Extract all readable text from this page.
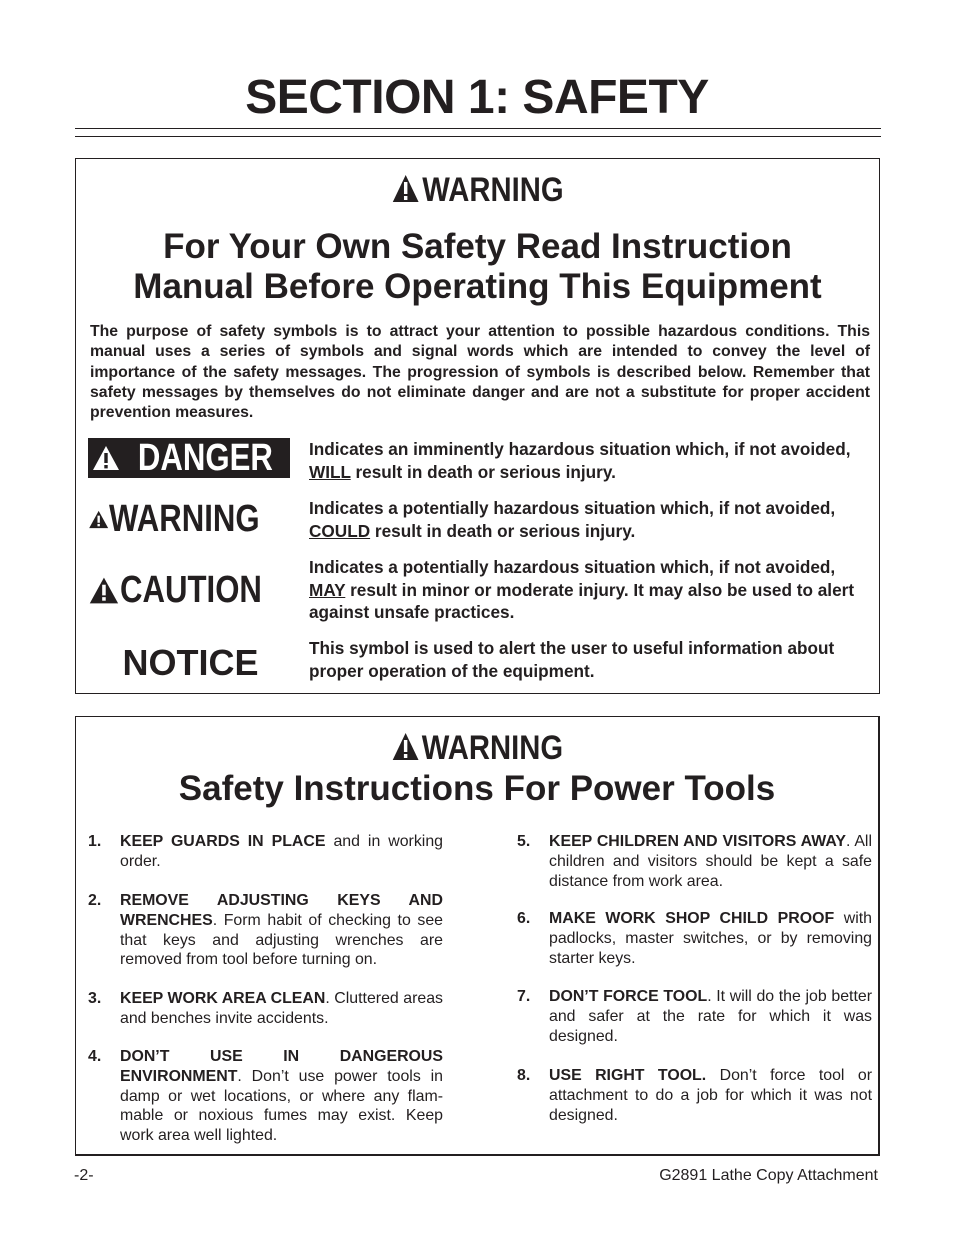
SECTION 1: SAFETY
WARNING
For Your Own Safety Read Instruction
Manual Before Operating This Equipment
The purpose of safety symbols is to attract your attention to possible hazardous conditions. This manual uses a series of symbols and signal words which are intended to convey the level of importance of the safety messages. The progression of symbols is described below. Remember that safety messages by themselves do not eliminate danger and are not a substitute for proper accident prevention measures.
DANGER Indicates an imminently hazardous situation which, if not avoided, WILL result in death or serious injury.
WARNING	Indicates a potentially hazardous situation which, if not avoided, COULD result in death or serious injury.
CAUTION
Indicates a potentially hazardous situation which, if not avoided, MAY result in minor or moderate injury. It may also be used to alert against unsafe practices.
NOTICE	This symbol is used to alert the user to useful information about proper operation of the equipment.
WARNING
Safety Instructions For Power Tools
1. KEEP GUARDS IN PLACE and in working order.
2. REMOVE ADJUSTING KEYS AND WRENCHES. Form habit of checking to see that keys and adjusting wrenches are removed from tool before turning on.
3. KEEP WORK AREA CLEAN. Cluttered areas and benches invite accidents.
4. DON’T USE IN DANGEROUS ENVIRONMENT. Don’t use power tools in damp or wet locations, or where any flam-mable or noxious fumes may exist. Keep work area well lighted.
5. KEEP CHILDREN AND VISITORS AWAY. All children and visitors should be kept a safe distance from work area.
6. MAKE WORK SHOP CHILD PROOF with padlocks, master switches, or by removing starter keys.
7. DON’T FORCE TOOL. It will do the job better and safer at the rate for which it was designed.
8. USE RIGHT TOOL. Don’t force tool or attachment to do a job for which it was not designed.
-2-	G2891 Lathe Copy Attachment
